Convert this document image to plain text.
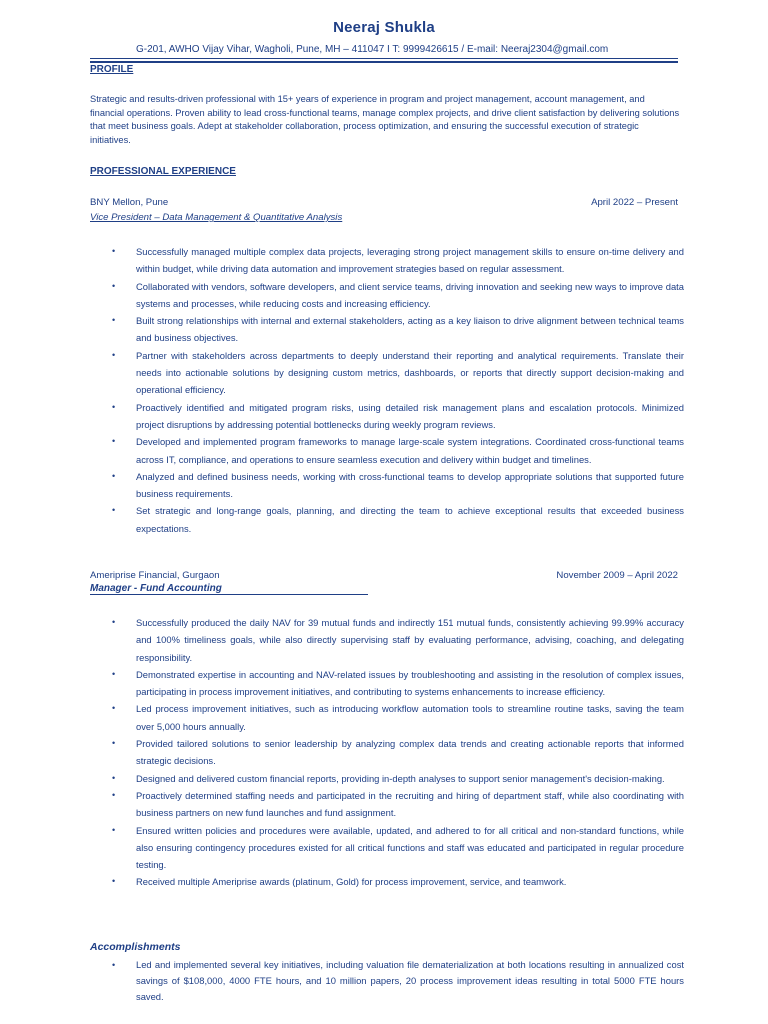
Neeraj Shukla
G-201, AWHO Vijay Vihar, Wagholi, Pune, MH – 411047 I T: 9999426615 / E-mail: Neeraj2304@gmail.com
PROFILE
Strategic and results-driven professional with 15+ years of experience in program and project management, account management, and financial operations. Proven ability to lead cross-functional teams, manage complex projects, and drive client satisfaction by delivering solutions that meet business goals. Adept at stakeholder collaboration, process optimization, and ensuring the successful execution of strategic initiatives.
PROFESSIONAL EXPERIENCE
BNY Mellon, Pune	April 2022 – Present
Vice President – Data Management & Quantitative Analysis
• Successfully managed multiple complex data projects, leveraging strong project management skills to ensure on-time delivery and within budget, while driving data automation and improvement strategies based on regular assessment.
• Collaborated with vendors, software developers, and client service teams, driving innovation and seeking new ways to improve data systems and processes, while reducing costs and increasing efficiency.
• Built strong relationships with internal and external stakeholders, acting as a key liaison to drive alignment between technical teams and business objectives.
• Partner with stakeholders across departments to deeply understand their reporting and analytical requirements. Translate their needs into actionable solutions by designing custom metrics, dashboards, or reports that directly support decision-making and operational efficiency.
• Proactively identified and mitigated program risks, using detailed risk management plans and escalation protocols. Minimized project disruptions by addressing potential bottlenecks during weekly program reviews.
• Developed and implemented program frameworks to manage large-scale system integrations. Coordinated cross-functional teams across IT, compliance, and operations to ensure seamless execution and delivery within budget and timelines.
• Analyzed and defined business needs, working with cross-functional teams to develop appropriate solutions that supported future business requirements.
• Set strategic and long-range goals, planning, and directing the team to achieve exceptional results that exceeded business expectations.
Ameriprise Financial, Gurgaon	November 2009 – April 2022
Manager - Fund Accounting
• Successfully produced the daily NAV for 39 mutual funds and indirectly 151 mutual funds, consistently achieving 99.99% accuracy and 100% timeliness goals, while also directly supervising staff by evaluating performance, advising, coaching, and delegating responsibility.
• Demonstrated expertise in accounting and NAV-related issues by troubleshooting and assisting in the resolution of complex issues, participating in process improvement initiatives, and contributing to systems enhancements to increase efficiency.
• Led process improvement initiatives, such as introducing workflow automation tools to streamline routine tasks, saving the team over 5,000 hours annually.
• Provided tailored solutions to senior leadership by analyzing complex data trends and creating actionable reports that informed strategic decisions.
• Designed and delivered custom financial reports, providing in-depth analyses to support senior management's decision-making.
• Proactively determined staffing needs and participated in the recruiting and hiring of department staff, while also coordinating with business partners on new fund launches and fund assignment.
• Ensured written policies and procedures were available, updated, and adhered to for all critical and non-standard functions, while also ensuring contingency procedures existed for all critical functions and staff was educated and participated in regular procedure testing.
• Received multiple Ameriprise awards (platinum, Gold) for process improvement, service, and teamwork.
Accomplishments
• Led and implemented several key initiatives, including valuation file dematerialization at both locations resulting in annualized cost savings of $108,000, 4000 FTE hours, and 10 million papers, 20 process improvement ideas resulting in total 5000 FTE hours saved.
